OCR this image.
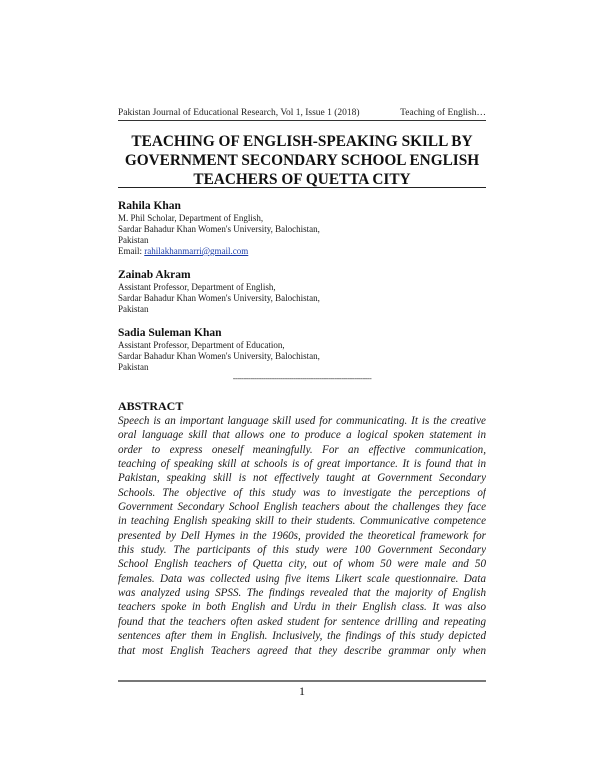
Pakistan Journal of Educational Research, Vol 1, Issue 1 (2018)	Teaching of English…
TEACHING OF ENGLISH-SPEAKING SKILL BY
GOVERNMENT SECONDARY SCHOOL ENGLISH
TEACHERS OF QUETTA CITY
Rahila Khan
M. Phil Scholar, Department of English,
Sardar Bahadur Khan Women's University, Balochistan,
Pakistan
Email: rahilakhanmarri@gmail.com
Zainab Akram
Assistant Professor, Department of English,
Sardar Bahadur Khan Women's University, Balochistan,
Pakistan
Sadia Suleman Khan
Assistant Professor, Department of Education,
Sardar Bahadur Khan Women's University, Balochistan,
Pakistan
----------------------------------------------------------------
ABSTRACT
Speech is an important language skill used for communicating. It is the creative
oral language skill that allows one to produce a logical spoken statement in
order to express oneself meaningfully. For an effective communication,
teaching of speaking skill at schools is of great importance. It is found that in
Pakistan, speaking skill is not effectively taught at Government Secondary
Schools. The objective of this study was to investigate the perceptions of
Government Secondary School English teachers about the challenges they face
in teaching English speaking skill to their students. Communicative competence
presented by Dell Hymes in the 1960s, provided the theoretical framework for
this study. The participants of this study were 100 Government Secondary
School English teachers of Quetta city, out of whom 50 were male and 50
females. Data was collected using five items Likert scale questionnaire. Data
was analyzed using SPSS. The findings revealed that the majority of English
teachers spoke in both English and Urdu in their English class. It was also
found that the teachers often asked student for sentence drilling and repeating
sentences after them in English. Inclusively, the findings of this study depicted
that most English Teachers agreed that they describe grammar only when
1
